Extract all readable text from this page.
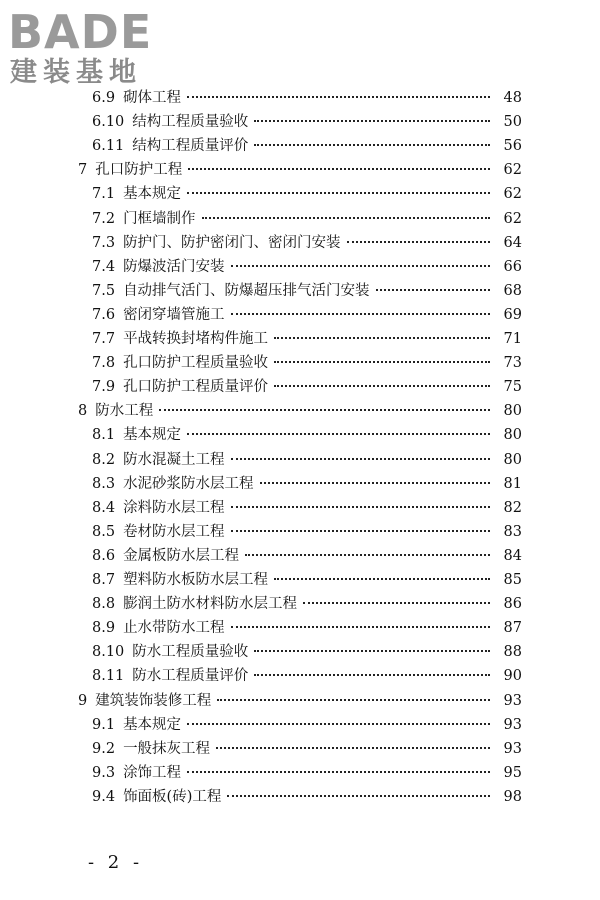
BADE
建装基地
6.9 砌体工程	48
6.10 结构工程质量验收	50
6.11 结构工程质量评价	56
7 孔口防护工程	62
7.1 基本规定	62
7.2 门框墙制作	62
7.3 防护门、防护密闭门、密闭门安装	64
7.4 防爆波活门安装	66
7.5 自动排气活门、防爆超压排气活门安装	68
7.6 密闭穿墙管施工	69
7.7 平战转换封堵构件施工	71
7.8 孔口防护工程质量验收	73
7.9 孔口防护工程质量评价	75
8 防水工程	80
8.1 基本规定	80
8.2 防水混凝土工程	80
8.3 水泥砂浆防水层工程	81
8.4 涂料防水层工程	82
8.5 卷材防水层工程	83
8.6 金属板防水层工程	84
8.7 塑料防水板防水层工程	85
8.8 膨润土防水材料防水层工程	86
8.9 止水带防水工程	87
8.10 防水工程质量验收	88
8.11 防水工程质量评价	90
9 建筑装饰装修工程	93
9.1 基本规定	93
9.2 一般抹灰工程	93
9.3 涂饰工程	95
9.4 饰面板(砖)工程	98
- 2 -
